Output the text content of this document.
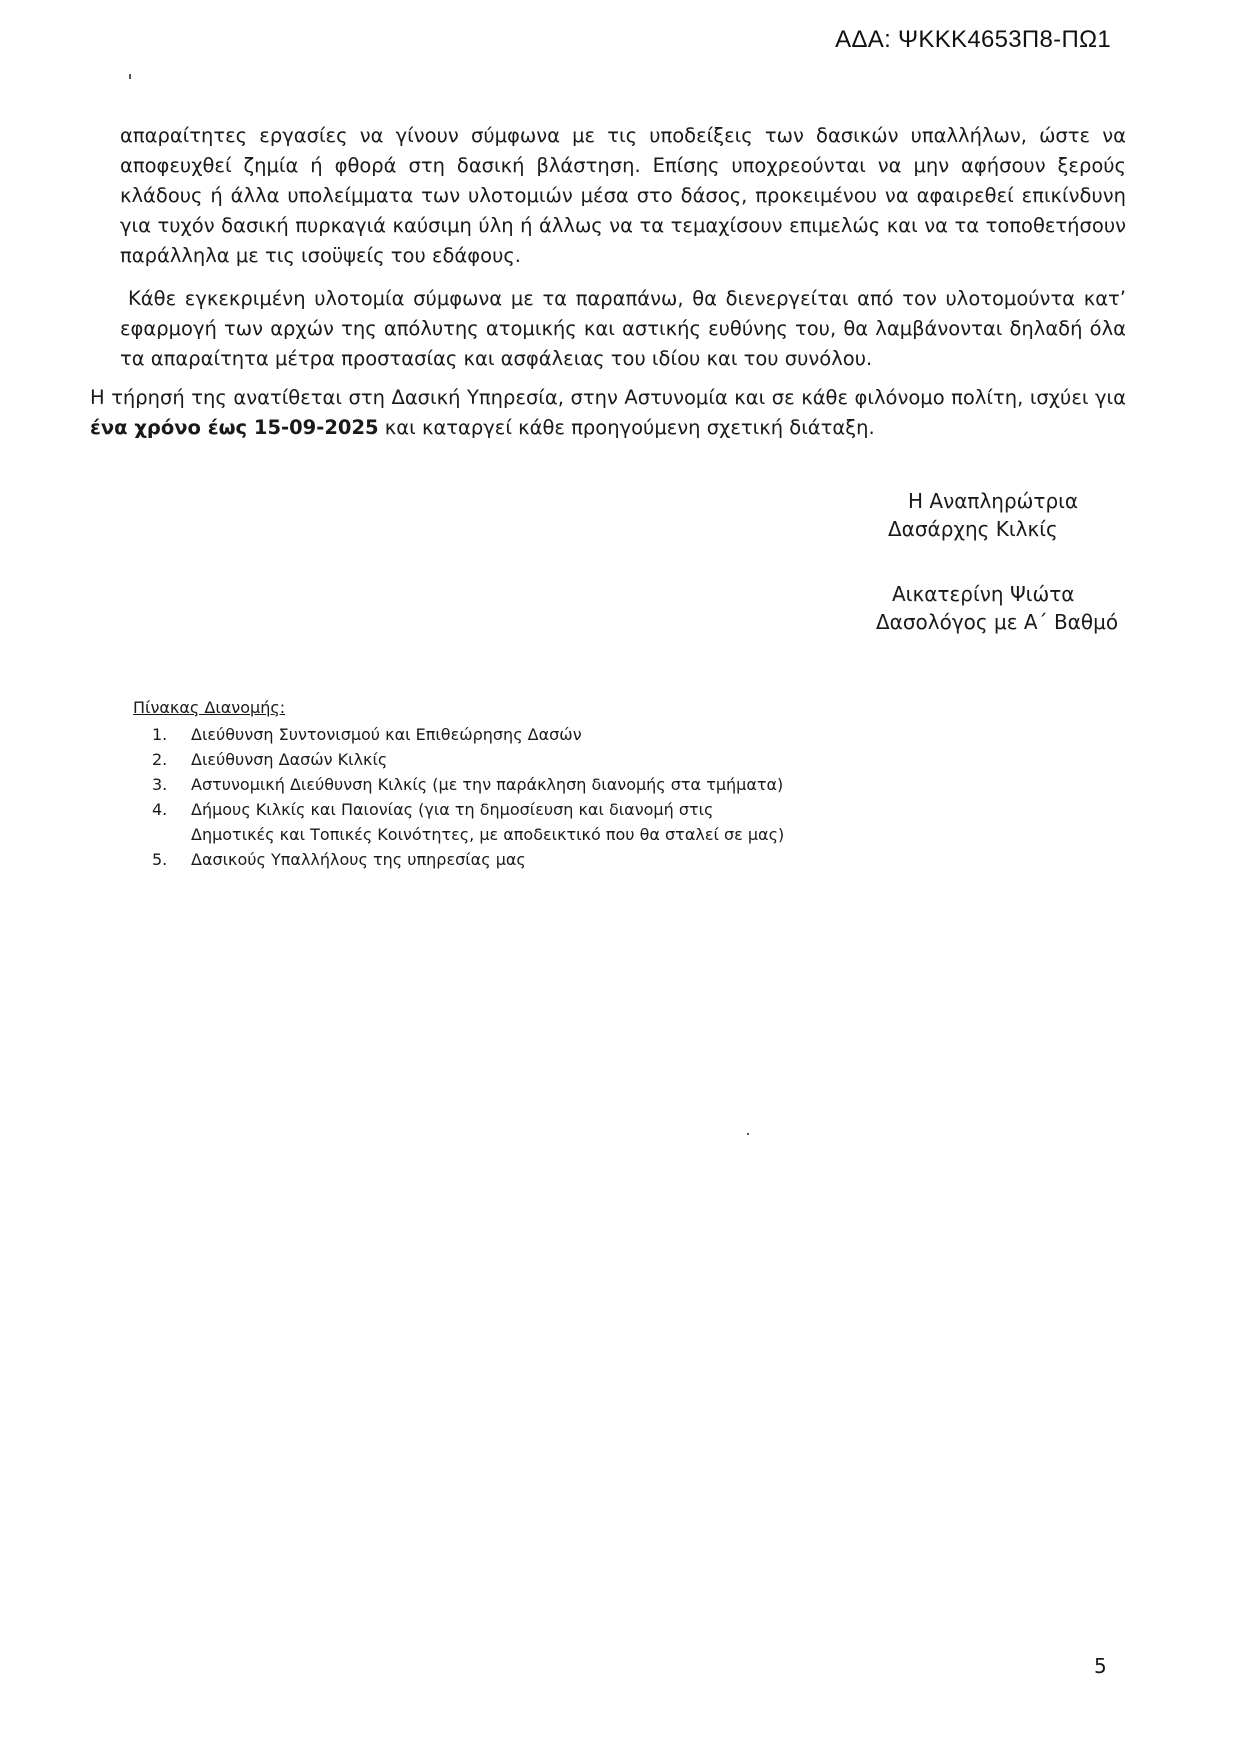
ΑΔΑ: ΨΚΚΚ4653Π8-ΠΩ1

απαραίτητες εργασίες να γίνουν σύμφωνα με τις υποδείξεις των δασικών υπαλλήλων, ώστε να αποφευχθεί ζημία ή φθορά στη δασική βλάστηση. Επίσης υποχρεούνται να μην αφήσουν ξερούς κλάδους ή άλλα υπολείμματα των υλοτομιών μέσα στο δάσος, προκειμένου να αφαιρεθεί επικίνδυνη για τυχόν δασική πυρκαγιά καύσιμη ύλη ή άλλως να τα τεμαχίσουν επιμελώς και να τα τοποθετήσουν παράλληλα με τις ισοϋψείς του εδάφους.

Κάθε εγκεκριμένη υλοτομία σύμφωνα με τα παραπάνω, θα διενεργείται από τον υλοτομούντα κατ’ εφαρμογή των αρχών της απόλυτης ατομικής και αστικής ευθύνης του, θα λαμβάνονται δηλαδή όλα τα απαραίτητα μέτρα προστασίας και ασφάλειας του ιδίου και του συνόλου.

Η τήρησή της ανατίθεται στη Δασική Υπηρεσία, στην Αστυνομία και σε κάθε φιλόνομο πολίτη, ισχύει για ένα χρόνο έως 15-09-2025 και καταργεί κάθε προηγούμενη σχετική διάταξη.

Η Αναπληρώτρια
Δασάρχης Κιλκίς
Αικατερίνη Ψιώτα
Δασολόγος με Α΄ Βαθμό
Πίνακας Διανομής:
1. Διεύθυνση Συντονισμού και Επιθεώρησης Δασών
2. Διεύθυνση Δασών Κιλκίς
3. Αστυνομική Διεύθυνση Κιλκίς (με την παράκληση διανομής στα τμήματα)
4. Δήμους Κιλκίς και Παιονίας (για τη δημοσίευση και διανομή στις
Δημοτικές και Τοπικές Κοινότητες, με αποδεικτικό που θα σταλεί σε μας)
5. Δασικούς Υπαλλήλους της υπηρεσίας μας
5
